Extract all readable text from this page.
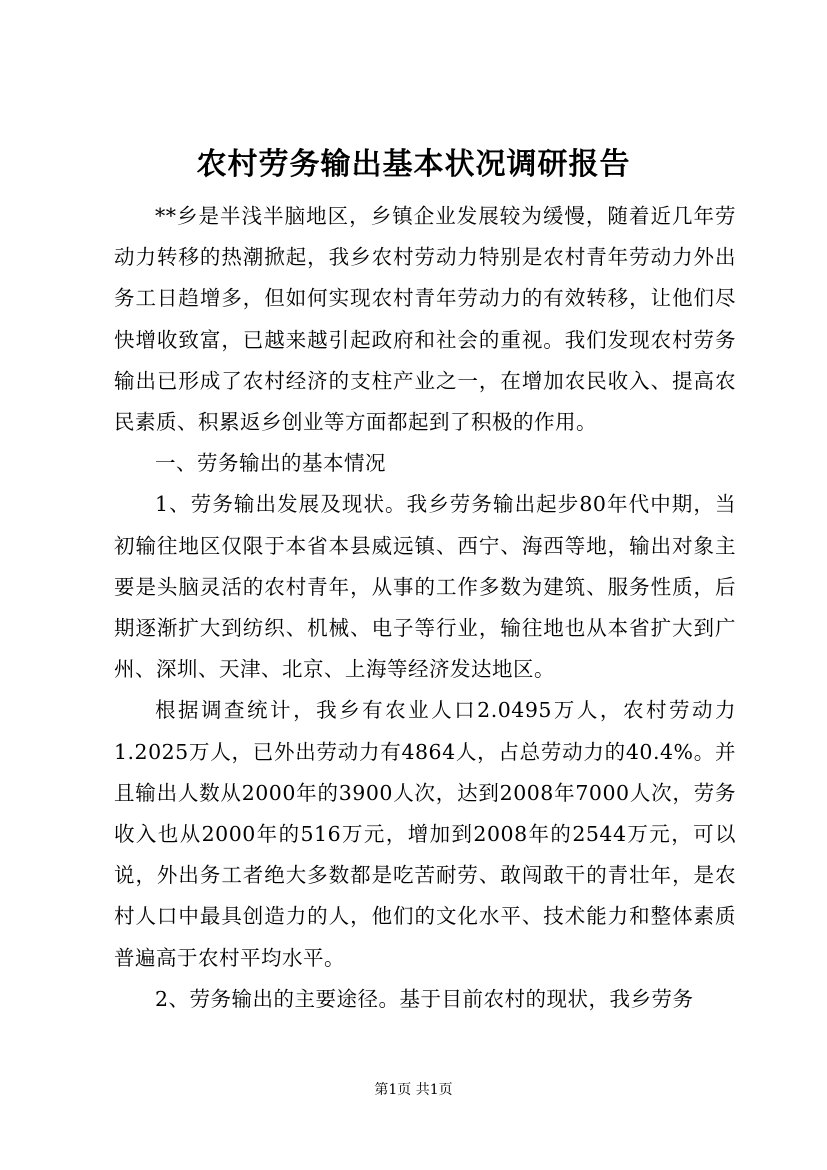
农村劳务输出基本状况调研报告

**乡是半浅半脑地区，乡镇企业发展较为缓慢，随着近几年劳动力转移的热潮掀起，我乡农村劳动力特别是农村青年劳动力外出务工日趋增多，但如何实现农村青年劳动力的有效转移，让他们尽快增收致富，已越来越引起政府和社会的重视。我们发现农村劳务输出已形成了农村经济的支柱产业之一，在增加农民收入、提高农民素质、积累返乡创业等方面都起到了积极的作用。

一、劳务输出的基本情况

1、劳务输出发展及现状。我乡劳务输出起步80年代中期，当初输往地区仅限于本省本县威远镇、西宁、海西等地，输出对象主要是头脑灵活的农村青年，从事的工作多数为建筑、服务性质，后期逐渐扩大到纺织、机械、电子等行业，输往地也从本省扩大到广州、深圳、天津、北京、上海等经济发达地区。

根据调查统计，我乡有农业人口2.0495万人，农村劳动力1.2025万人，已外出劳动力有4864人，占总劳动力的40.4%。并且输出人数从2000年的3900人次，达到2008年7000人次，劳务收入也从2000年的516万元，增加到2008年的2544万元，可以说，外出务工者绝大多数都是吃苦耐劳、敢闯敢干的青壮年，是农村人口中最具创造力的人，他们的文化水平、技术能力和整体素质普遍高于农村平均水平。

2、劳务输出的主要途径。基于目前农村的现状，我乡劳务

第1页 共1页
